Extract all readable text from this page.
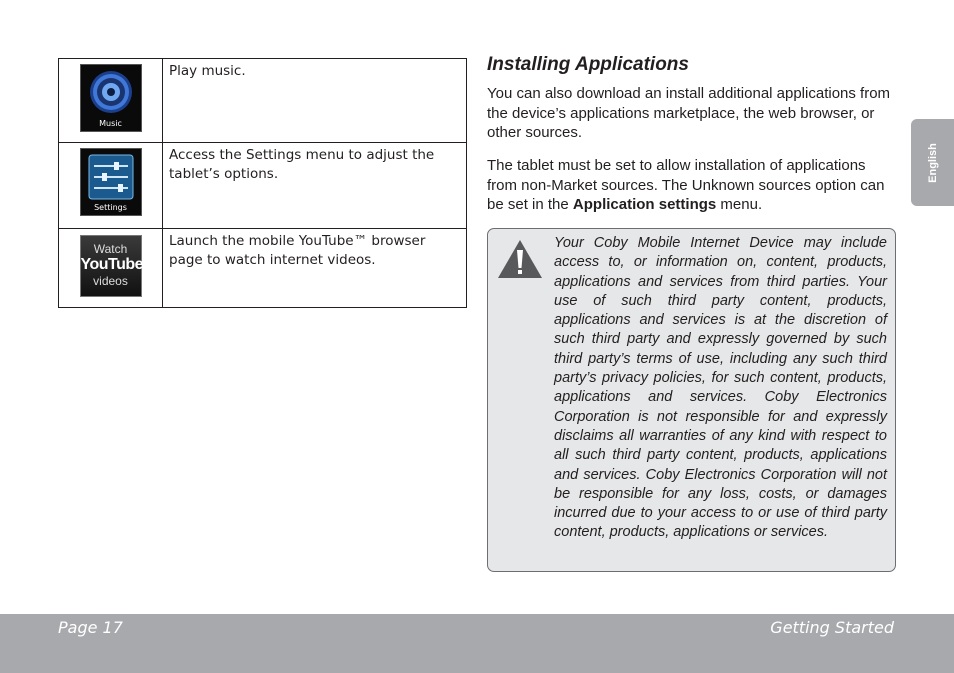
Music	Play music.

Settings	Access the Settings menu to adjust the tablet’s options.

Watch
YouTube
videos	Launch the mobile YouTube™ browser page to watch internet videos.
Installing Applications

You can also download an install additional applications from the device’s applications marketplace, the web browser, or other sources.

The tablet must be set to allow installation of applications from non-Market sources. The Unknown sources option can be set in the Application settings menu.

Your Coby Mobile Internet Device may include access to, or information on, content, products, applications and services from third parties. Your use of such third party content, products, applications and services is at the discretion of such third party and expressly governed by such third party’s terms of use, including any such third party’s privacy policies, for such content, products, applications and services. Coby Electronics Corporation is not responsible for and expressly disclaims all warranties of any kind with respect to all such third party content, products, applications and services. Coby Electronics Corporation will not be responsible for any loss, costs, or damages incurred due to your access to or use of third party content, products, applications or services.

English
Page 17	Getting Started
